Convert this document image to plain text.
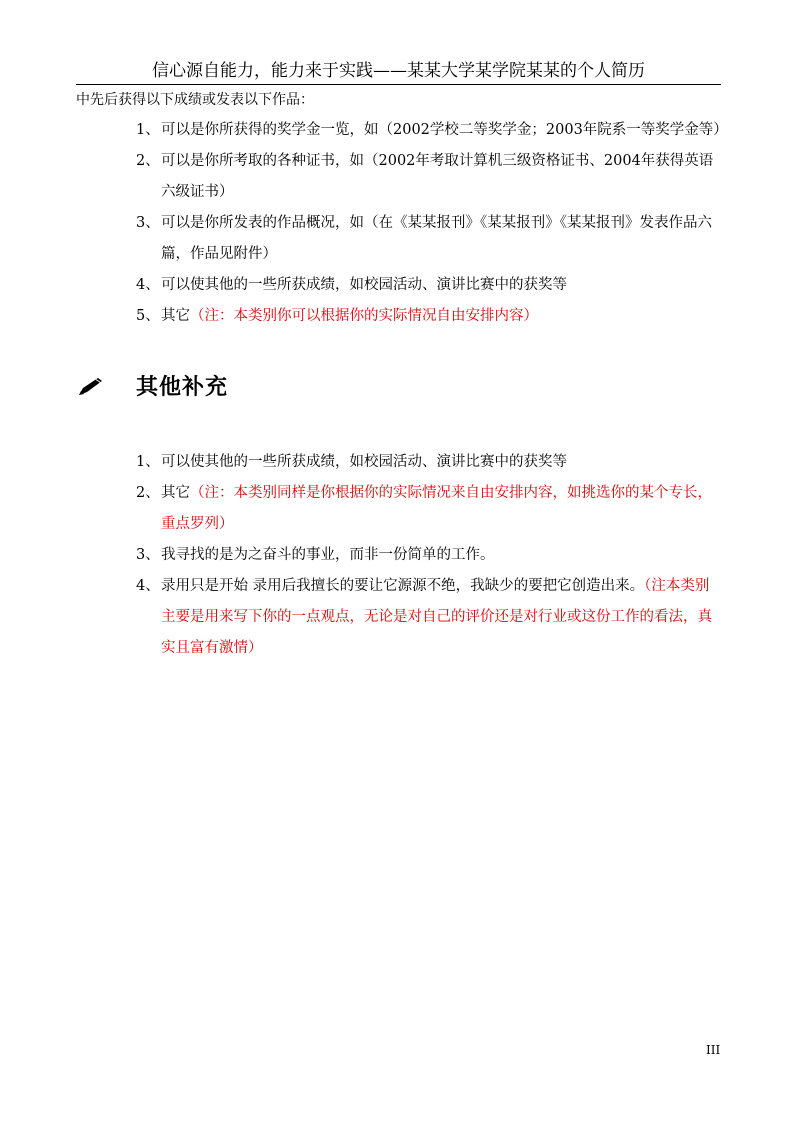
信心源自能力，能力来于实践——某某大学某学院某某的个人简历
中先后获得以下成绩或发表以下作品：
1、 可以是你所获得的奖学金一览，如（2002学校二等奖学金；2003年院系一等奖学金等）
2、 可以是你所考取的各种证书，如（2002年考取计算机三级资格证书、2004年获得英语六级证书）
3、 可以是你所发表的作品概况，如（在《某某报刊》《某某报刊》《某某报刊》发表作品六篇，作品见附件）
4、 可以使其他的一些所获成绩，如校园活动、演讲比赛中的获奖等
5、 其它（注：本类别你可以根据你的实际情况自由安排内容）
其他补充
1、 可以使其他的一些所获成绩，如校园活动、演讲比赛中的获奖等
2、 其它（注：本类别同样是你根据你的实际情况来自由安排内容，如挑选你的某个专长，重点罗列）
3、 我寻找的是为之奋斗的事业，而非一份简单的工作。
4、 录用只是开始 录用后我擅长的要让它源源不绝，我缺少的要把它创造出来。（注本类别主要是用来写下你的一点观点，无论是对自己的评价还是对行业或这份工作的看法，真实且富有激情）
III
